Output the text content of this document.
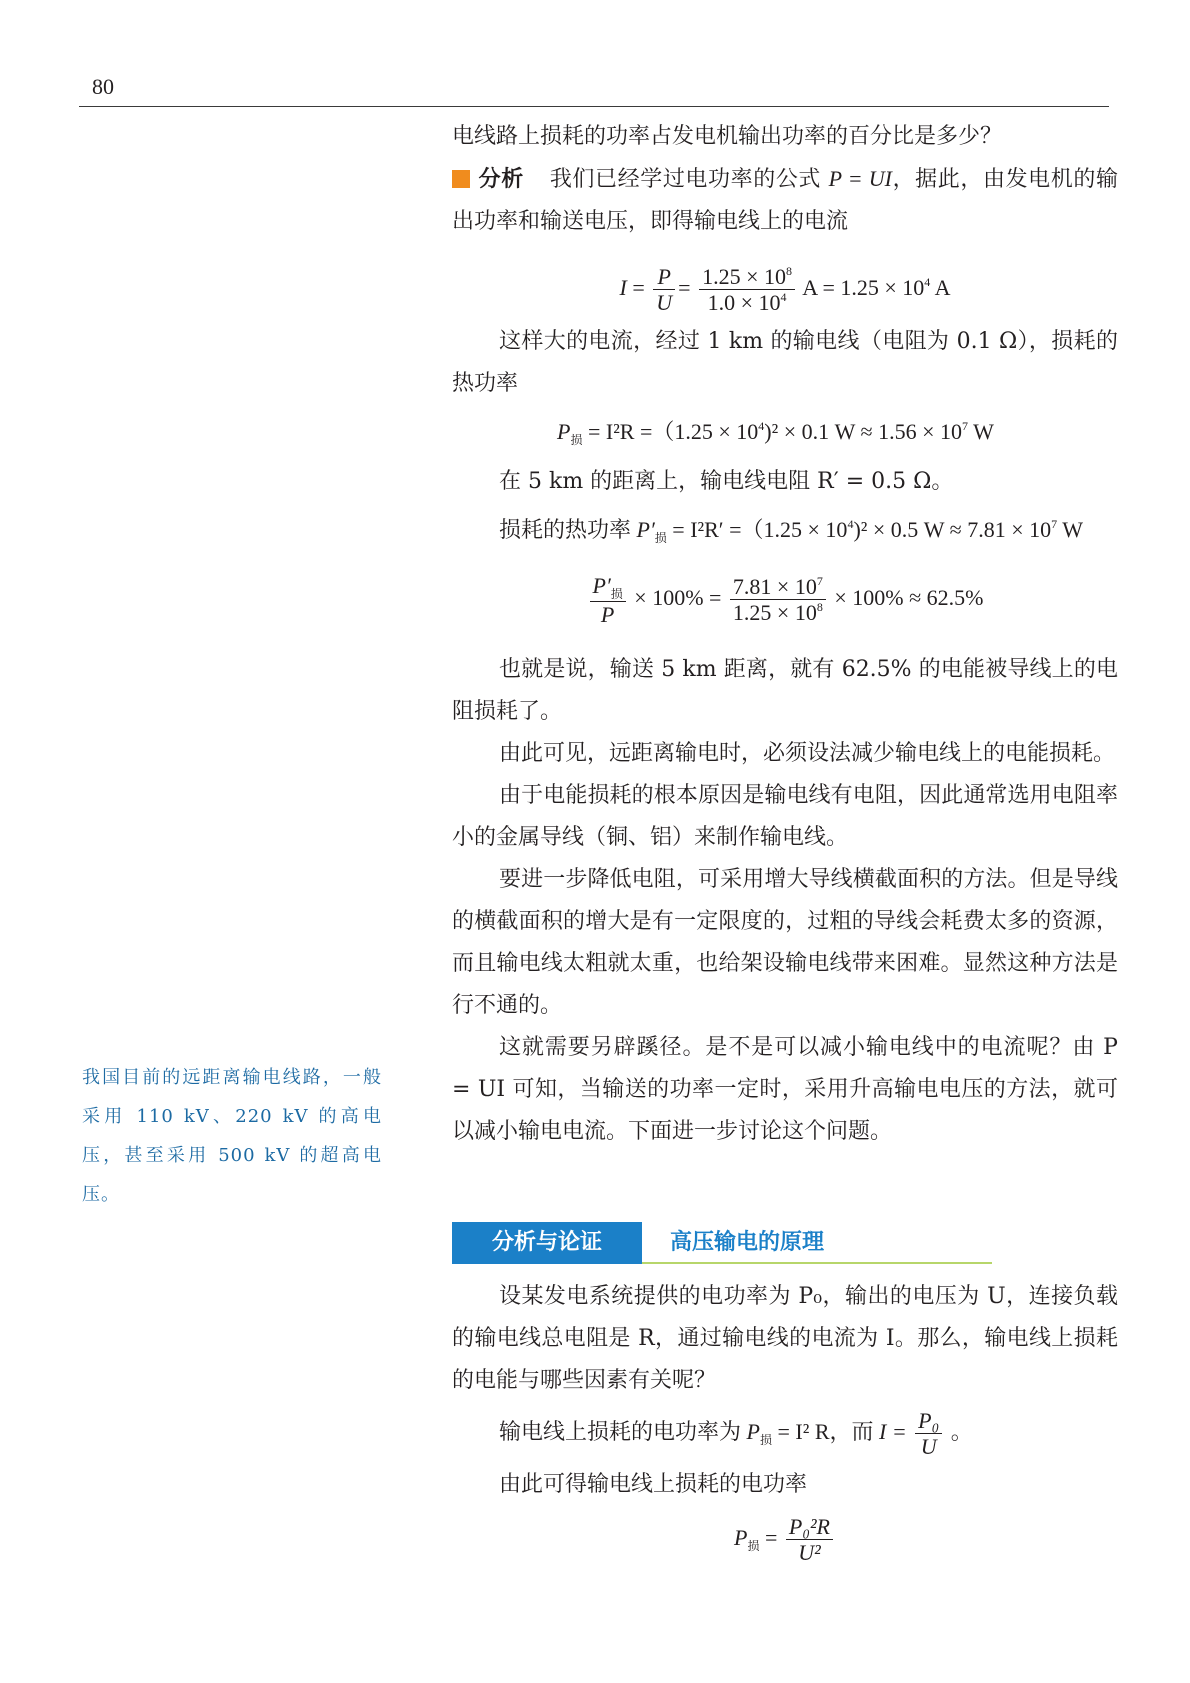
80

电线路上损耗的功率占发电机输出功率的百分比是多少？

分析 我们已经学过电功率的公式 P = UI，据此，由发电机的输出功率和输送电压，即得输电线上的电流

$I = \frac{P}{U} = \frac{1.25 \times 10^8}{1.0 \times 10^4}$ $A = 1.25 \times 10^4$ A

这样大的电流，经过 1 km 的输电线（电阻为 0.1 Ω），损耗的热功率

$P_损 = I^2R =(1.25 \times 10^4)^2 \times 0.1$ $W \approx 1.56 \times 10^7$ W

在 5 km 的距离上，输电线电阻 R′ = 0.5 Ω。

损耗的热功率 $P'_损 = I^2R' =(1.25 \times 10^4)^2 \times 0.5$ $W \approx 7.81 \times 10^7$ W
$\frac{P'_损}{P} \times 100\% = \frac{7.81 \times 10^7}{1.25 \times 10^8} \times 100\% \approx 62.5\%$

也就是说，输送 5 km 距离，就有 62.5% 的电能被导线上的电阻损耗了。

由此可见，远距离输电时，必须设法减少输电线上的电能损耗。

由于电能损耗的根本原因是输电线有电阻，因此通常选用电阻率小的金属导线（铜、铝）来制作输电线。

要进一步降低电阻，可采用增大导线横截面积的方法。但是导线的横截面积的增大是有一定限度的，过粗的导线会耗费太多的资源，而且输电线太粗就太重，也给架设输电线带来困难。显然这种方法是行不通的。

这就需要另辟蹊径。是不是可以减小输电线中的电流呢？由 P = UI 可知，当输送的功率一定时，采用升高输电电压的方法，就可以减小输电电流。下面进一步讨论这个问题。

我国目前的远距离输电线路，一般采用 110 kV、220 kV 的高电压，甚至采用 500 kV 的超高电压。
分析与论证	高压输电的原理

设某发电系统提供的电功率为 P₀，输出的电压为 U，连接负载的输电线总电阻是 R，通过输电线的电流为 I。那么，输电线上损耗的电能与哪些因素有关呢？

输电线上损耗的电功率为 $P_损 = I^2$ R，而 $I = \frac{\text{P₀}}{U}$ 。

由此可得输电线上损耗的电功率

$P_损 = \frac{\text{P₀²R}}{\text{U²}}$
